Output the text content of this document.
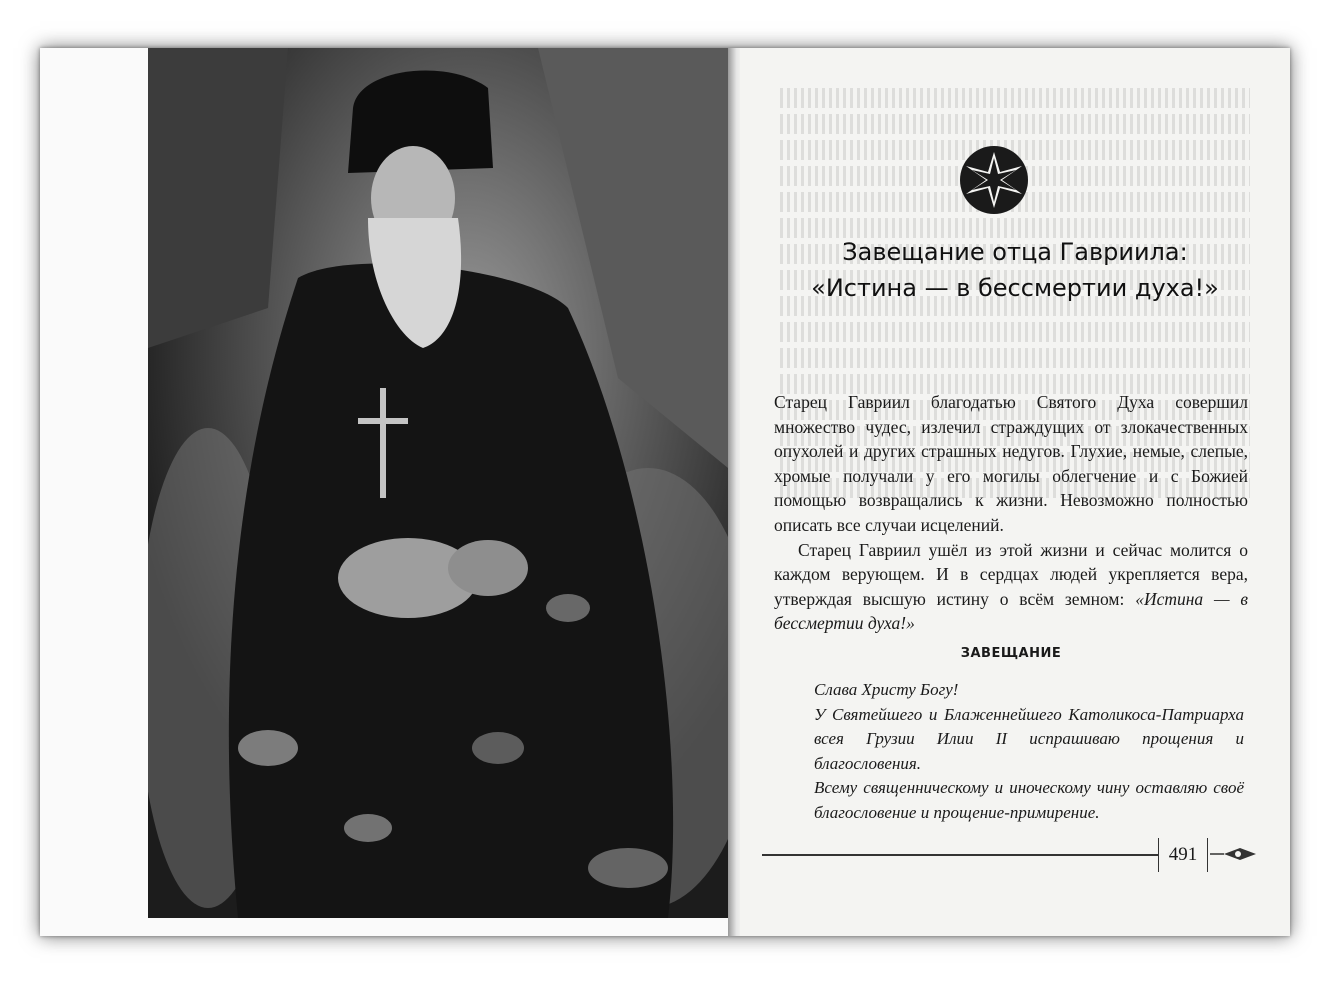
Завещание отца Гавриила:
«Истина — в бессмертии духа!»

Старец Гавриил благодатью Святого Духа совершил множество чудес, излечил страждущих от злокачественных опухолей и других страшных недугов. Глухие, немые, слепые, хромые получали у его могилы облегчение и с Божией помощью возвращались к жизни. Невозможно полностью описать все случаи исцелений.

Старец Гавриил ушёл из этой жизни и сейчас молится о каждом верующем. И в сердцах людей укрепляется вера, утверждая высшую истину о всём земном: «Истина — в бессмертии духа!»

ЗАВЕЩАНИЕ

Слава Христу Богу!

У Святейшего и Блаженнейшего Католикоса-Патриарха всея Грузии Илии II испрашиваю прощения и благословения.

Всему священническому и иноческому чину оставляю своё благословение и прощение-примирение.

491
